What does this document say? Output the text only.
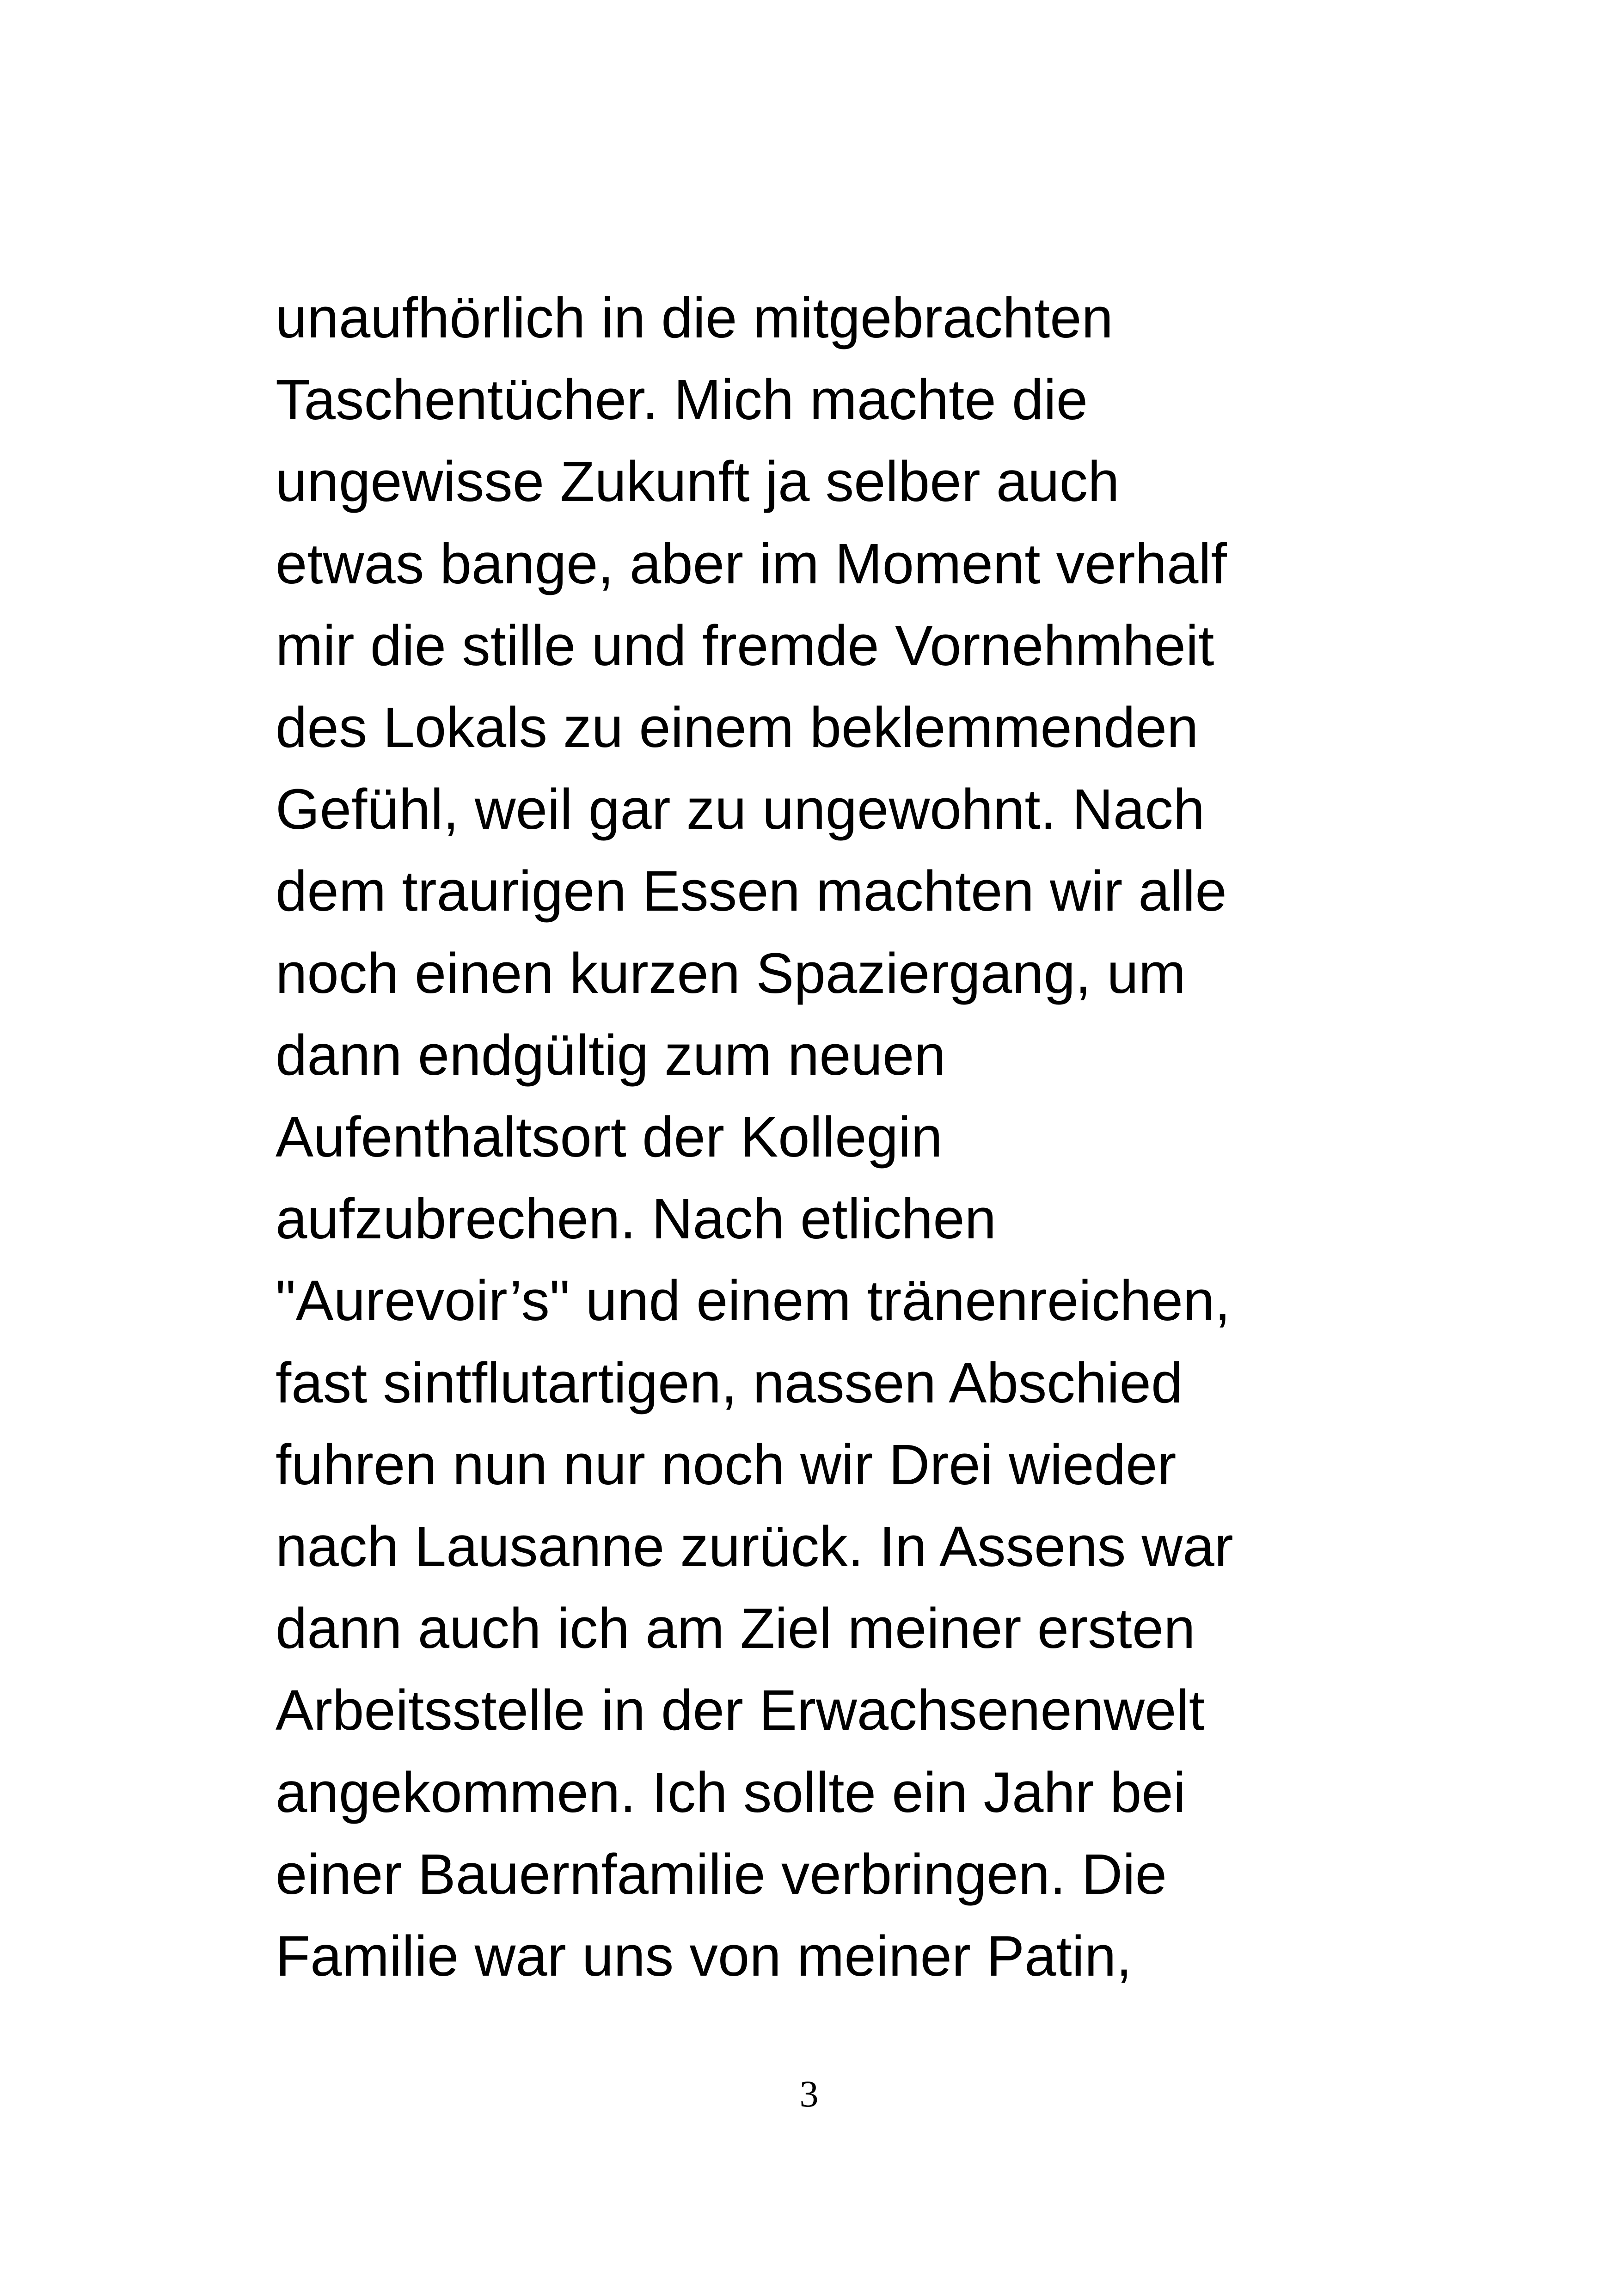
unaufhörlich in die mitgebrachten
Taschentücher. Mich machte die
ungewisse Zukunft ja selber auch
etwas bange, aber im Moment verhalf
mir die stille und fremde Vornehmheit
des Lokals zu einem beklemmenden
Gefühl, weil gar zu ungewohnt. Nach
dem traurigen Essen machten wir alle
noch einen kurzen Spaziergang, um
dann endgültig zum neuen
Aufenthaltsort der Kollegin
aufzubrechen. Nach etlichen
"Aurevoir’s" und einem tränenreichen,
fast sintflutartigen, nassen Abschied
fuhren nun nur noch wir Drei wieder
nach Lausanne zurück. In Assens war
dann auch ich am Ziel meiner ersten
Arbeitsstelle in der Erwachsenenwelt
angekommen. Ich sollte ein Jahr bei
einer Bauernfamilie verbringen. Die
Familie war uns von meiner Patin,
3
